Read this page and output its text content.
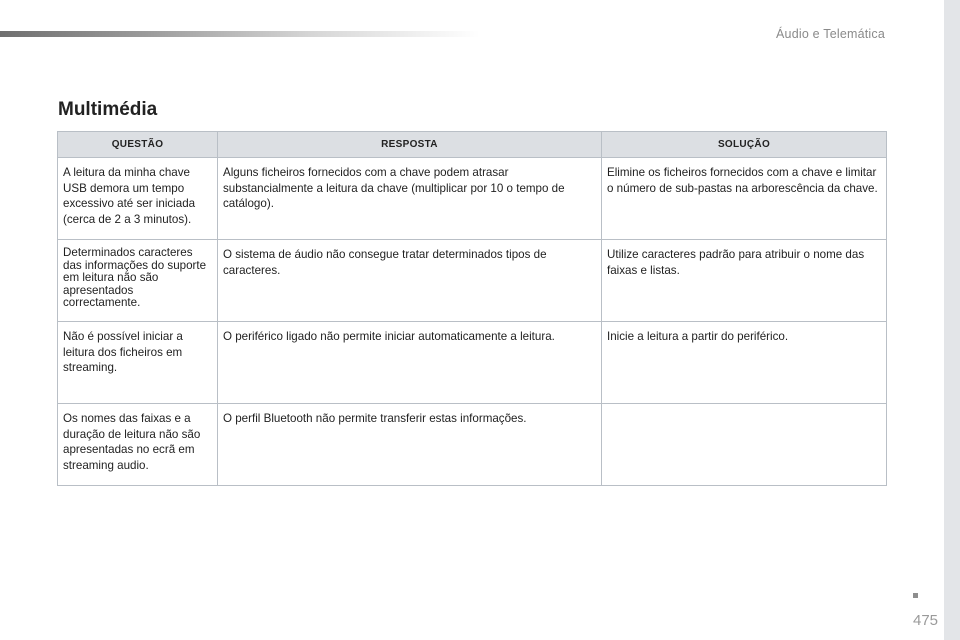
Áudio e Telemática
Multimédia
QUESTÃO	RESPOSTA	SOLUÇÃO
A leitura da minha chave USB demora um tempo excessivo até ser iniciada (cerca de 2 a 3 minutos).	Alguns ficheiros fornecidos com a chave podem atrasar substancialmente a leitura da chave (multiplicar por 10 o tempo de catálogo).	Elimine os ficheiros fornecidos com a chave e limitar o número de sub-pastas na arborescência da chave.
Determinados caracteres das informações do suporte em leitura não são apresentados correctamente.	O sistema de áudio não consegue tratar determinados tipos de caracteres.	Utilize caracteres padrão para atribuir o nome das faixas e listas.
Não é possível iniciar a leitura dos ficheiros em streaming.	O periférico ligado não permite iniciar automaticamente a leitura.	Inicie a leitura a partir do periférico.
Os nomes das faixas e a duração de leitura não são apresentadas no ecrã em streaming audio.	O perfil Bluetooth não permite transferir estas informações.	
475
